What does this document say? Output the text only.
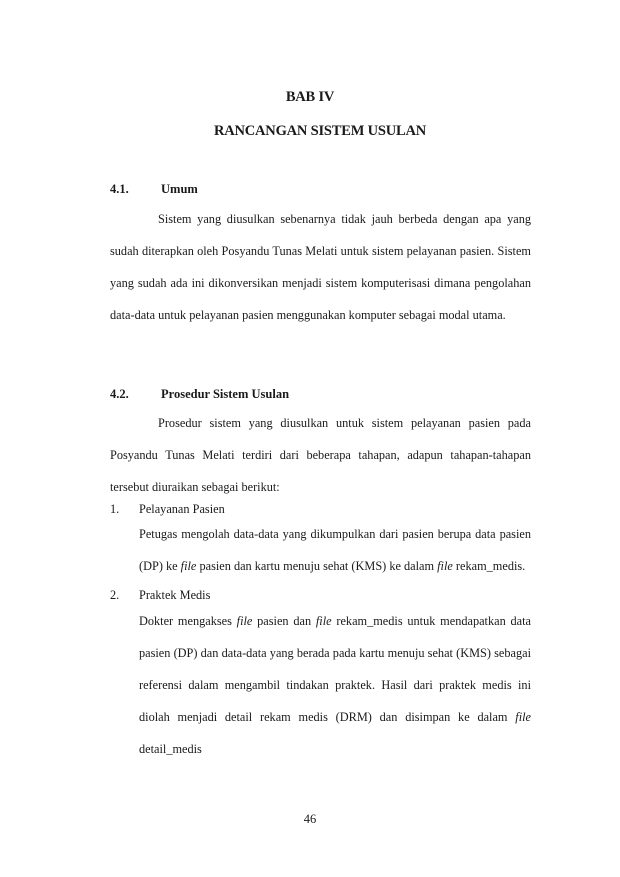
BAB IV
RANCANGAN SISTEM USULAN
4.1.	Umum

Sistem yang diusulkan sebenarnya tidak jauh berbeda dengan apa yang sudah diterapkan oleh Posyandu Tunas Melati untuk sistem pelayanan pasien. Sistem yang sudah ada ini dikonversikan menjadi sistem komputerisasi dimana pengolahan data-data untuk pelayanan pasien menggunakan komputer sebagai modal utama.

4.2.	Prosedur Sistem Usulan

Prosedur sistem yang diusulkan untuk sistem pelayanan pasien pada Posyandu Tunas Melati terdiri dari beberapa tahapan, adapun tahapan-tahapan tersebut diuraikan sebagai berikut:

1. Pelayanan Pasien

Petugas mengolah data-data yang dikumpulkan dari pasien berupa data pasien (DP) ke file pasien dan kartu menuju sehat (KMS) ke dalam file rekam_medis.

2. Praktek Medis

Dokter mengakses file pasien dan file rekam_medis untuk mendapatkan data pasien (DP) dan data-data yang berada pada kartu menuju sehat (KMS) sebagai referensi dalam mengambil tindakan praktek. Hasil dari praktek medis ini diolah menjadi detail rekam medis (DRM) dan disimpan ke dalam file detail_medis

46
